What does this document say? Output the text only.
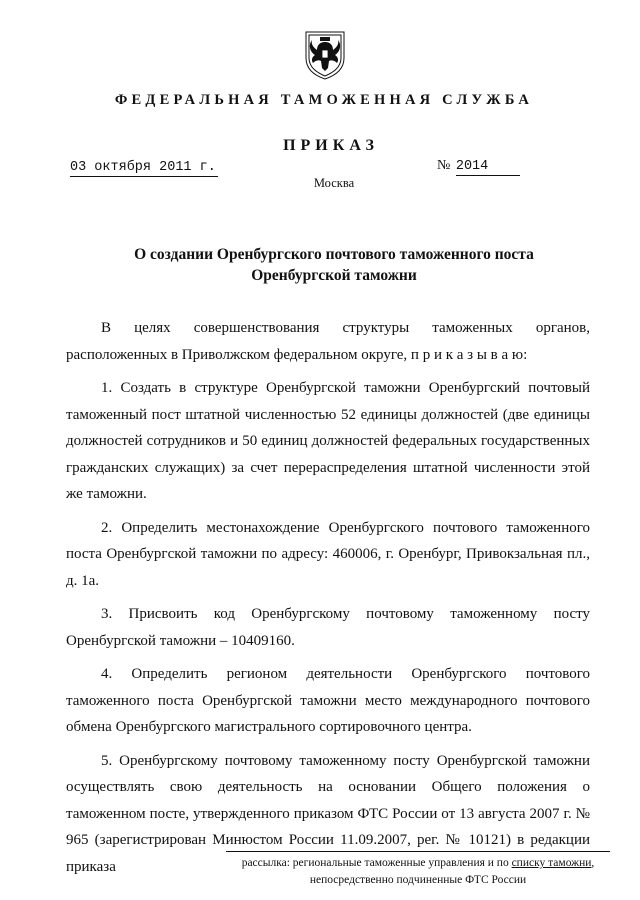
ФЕДЕРАЛЬНАЯ ТАМОЖЕННАЯ СЛУЖБА
ПРИКАЗ
03 октября 2011 г.	№ 2014
Москва
О создании Оренбургского почтового таможенного поста
Оренбургской таможни

В целях совершенствования структуры таможенных органов, расположенных в Приволжском федеральном округе, п р и к а з ы в а ю:

1. Создать в структуре Оренбургской таможни Оренбургский почтовый таможенный пост штатной численностью 52 единицы должностей (две единицы должностей сотрудников и 50 единиц должностей федеральных государственных гражданских служащих) за счет перераспределения штатной численности этой же таможни.

2. Определить местонахождение Оренбургского почтового таможенного поста Оренбургской таможни по адресу: 460006, г. Оренбург, Привокзальная пл., д. 1а.

3. Присвоить код Оренбургскому почтовому таможенному посту Оренбургской таможни – 10409160.

4. Определить регионом деятельности Оренбургского почтового таможенного поста Оренбургской таможни место международного почтового обмена Оренбургского магистрального сортировочного центра.

5. Оренбургскому почтовому таможенному посту Оренбургской таможни осуществлять свою деятельность на основании Общего положения о таможенном посте, утвержденного приказом ФТС России от 13 августа 2007 г. № 965 (зарегистрирован Минюстом России 11.09.2007, рег. № 10121) в редакции приказа	рассылка: региональные таможенные управления и по списку таможни,
непосредственно подчиненные ФТС России
